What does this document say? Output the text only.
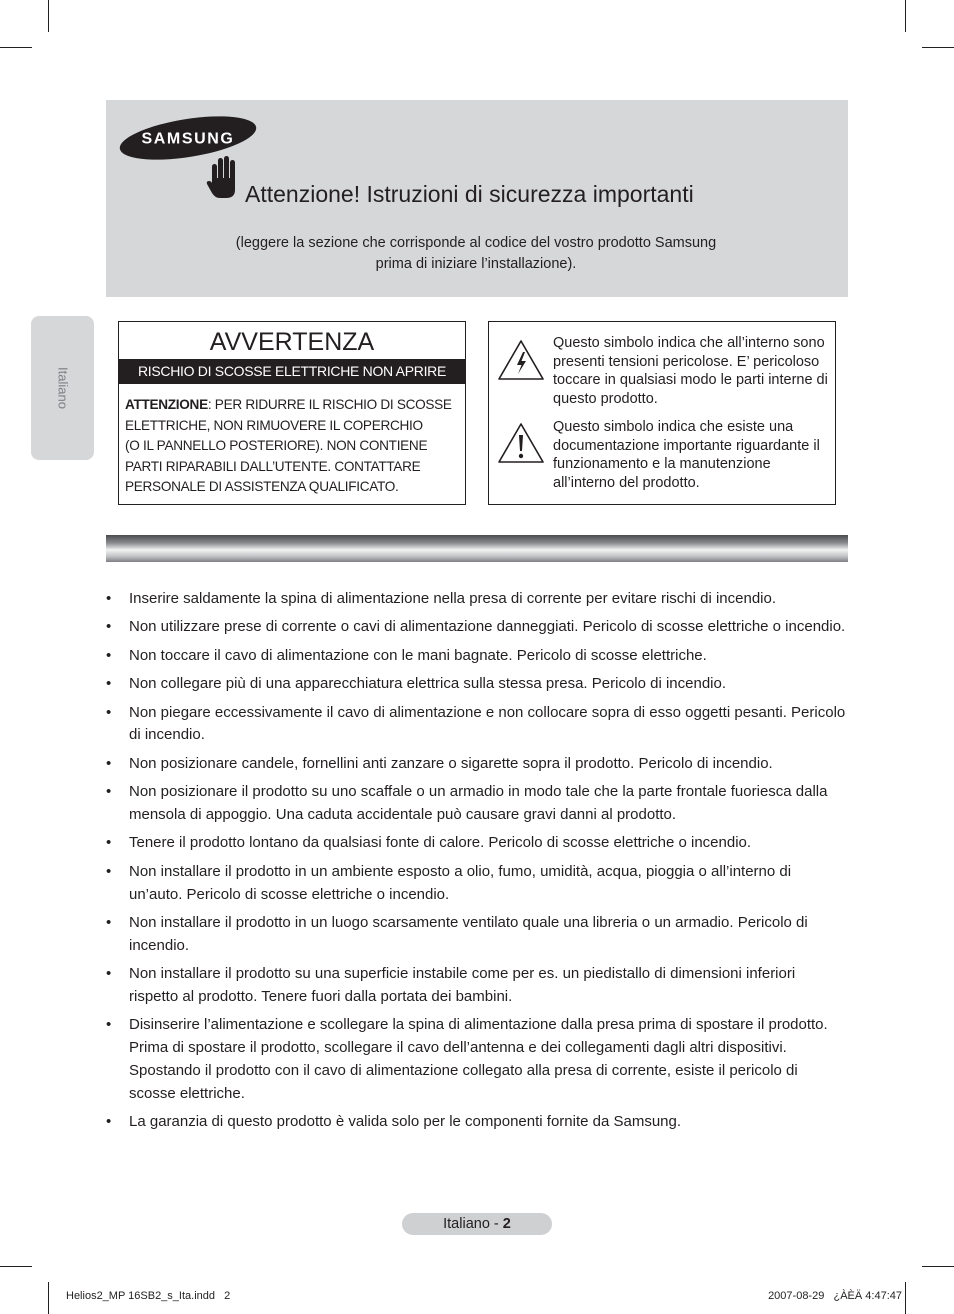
Italiano
SAMSUNG
Attenzione! Istruzioni di sicurezza importanti
(leggere la sezione che corrisponde al codice del vostro prodotto Samsung
prima di iniziare l’installazione).
AVVERTENZA
RISCHIO DI SCOSSE ELETTRICHE NON APRIRE
ATTENZIONE: PER RIDURRE IL RISCHIO DI SCOSSE
ELETTRICHE, NON RIMUOVERE IL COPERCHIO
(O IL PANNELLO POSTERIORE). NON CONTIENE
PARTI RIPARABILI DALL’UTENTE. CONTATTARE
PERSONALE DI ASSISTENZA QUALIFICATO.
Questo simbolo indica che all’interno sono presenti tensioni pericolose. E’ pericoloso toccare in qualsiasi modo le parti interne di questo prodotto.
Questo simbolo indica che esiste una documentazione importante riguardante il funzionamento e la manutenzione all’interno del prodotto.
• Inserire saldamente la spina di alimentazione nella presa di corrente per evitare rischi di incendio.
• Non utilizzare prese di corrente o cavi di alimentazione danneggiati. Pericolo di scosse elettriche o incendio.
• Non toccare il cavo di alimentazione con le mani bagnate. Pericolo di scosse elettriche.
• Non collegare più di una apparecchiatura elettrica sulla stessa presa. Pericolo di incendio.
• Non piegare eccessivamente il cavo di alimentazione e non collocare sopra di esso oggetti pesanti. Pericolo di incendio.
• Non posizionare candele, fornellini anti zanzare o sigarette sopra il prodotto. Pericolo di incendio.
• Non posizionare il prodotto su uno scaffale o un armadio in modo tale che la parte frontale fuoriesca dalla mensola di appoggio. Una caduta accidentale può causare gravi danni al prodotto.
• Tenere il prodotto lontano da qualsiasi fonte di calore. Pericolo di scosse elettriche o incendio.
• Non installare il prodotto in un ambiente esposto a olio, fumo, umidità, acqua, pioggia o all’interno di un’auto. Pericolo di scosse elettriche o incendio.
• Non installare il prodotto in un luogo scarsamente ventilato quale una libreria o un armadio. Pericolo di incendio.
• Non installare il prodotto su una superficie instabile come per es. un piedistallo di dimensioni inferiori rispetto al prodotto. Tenere fuori dalla portata dei bambini.
• Disinserire l’alimentazione e scollegare la spina di alimentazione dalla presa prima di spostare il prodotto. Prima di spostare il prodotto, scollegare il cavo dell’antenna e dei collegamenti dagli altri dispositivi. Spostando il prodotto con il cavo di alimentazione collegato alla presa di corrente, esiste il pericolo di scosse elettriche.
• La garanzia di questo prodotto è valida solo per le componenti fornite da Samsung.
Italiano - 2
Helios2_MP 16SB2_s_Ita.indd   2	2007-08-29   ¿ÀÈÄ 4:47:47
